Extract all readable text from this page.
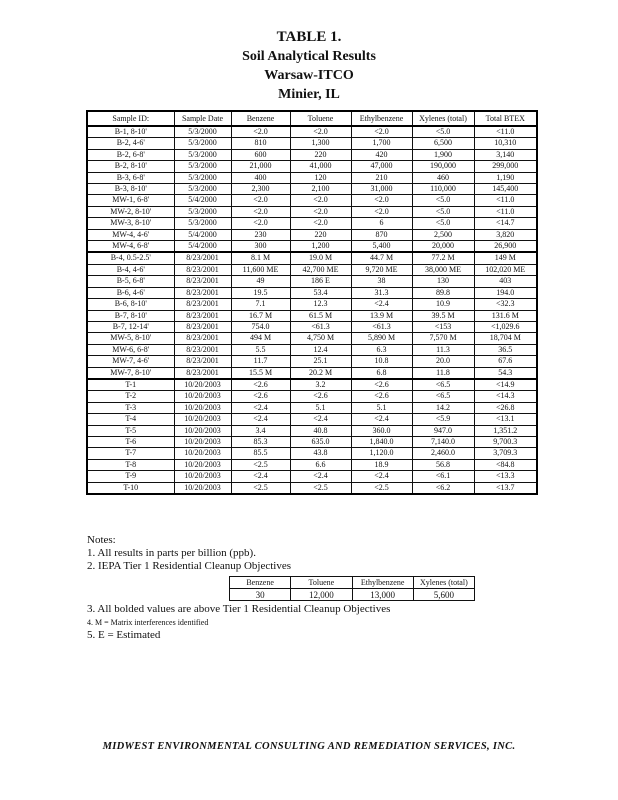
TABLE 1.
Soil Analytical Results
Warsaw-ITCO
Minier, IL
Sample ID:	Sample Date	Benzene	Toluene	Ethylbenzene	Xylenes (total)	Total BTEX
B-1, 8-10'	5/3/2000	<2.0	<2.0	<2.0	<5.0	<11.0
B-2, 4-6'	5/3/2000	810	1,300	1,700	6,500	10,310
B-2, 6-8'	5/3/2000	600	220	420	1,900	3,140
B-2, 8-10'	5/3/2000	21,000	41,000	47,000	190,000	299,000
B-3, 6-8'	5/3/2000	400	120	210	460	1,190
B-3, 8-10'	5/3/2000	2,300	2,100	31,000	110,000	145,400
MW-1, 6-8'	5/4/2000	<2.0	<2.0	<2.0	<5.0	<11.0
MW-2, 8-10'	5/3/2000	<2.0	<2.0	<2.0	<5.0	<11.0
MW-3, 8-10'	5/3/2000	<2.0	<2.0	6	<5.0	<14.7
MW-4, 4-6'	5/4/2000	230	220	870	2,500	3,820
MW-4, 6-8'	5/4/2000	300	1,200	5,400	20,000	26,900
B-4, 0.5-2.5'	8/23/2001	8.1 M	19.0 M	44.7 M	77.2 M	149 M
B-4, 4-6'	8/23/2001	11,600 ME	42,700 ME	9,720 ME	38,000 ME	102,020 ME
B-5, 6-8'	8/23/2001	49	186 E	38	130	403
B-6, 4-6'	8/23/2001	19.5	53.4	31.3	89.8	194.0
B-6, 8-10'	8/23/2001	7.1	12.3	<2.4	10.9	<32.3
B-7, 8-10'	8/23/2001	16.7 M	61.5 M	13.9 M	39.5 M	131.6 M
B-7, 12-14'	8/23/2001	754.0	<61.3	<61.3	<153	<1,029.6
MW-5, 8-10'	8/23/2001	494 M	4,750 M	5,890 M	7,570 M	18,704 M
MW-6, 6-8'	8/23/2001	5.5	12.4	6.3	11.3	36.5
MW-7, 4-6'	8/23/2001	11.7	25.1	10.8	20.0	67.6
MW-7, 8-10'	8/23/2001	15.5 M	20.2 M	6.8	11.8	54.3
T-1	10/20/2003	<2.6	3.2	<2.6	<6.5	<14.9
T-2	10/20/2003	<2.6	<2.6	<2.6	<6.5	<14.3
T-3	10/20/2003	<2.4	5.1	5.1	14.2	<26.8
T-4	10/20/2003	<2.4	<2.4	<2.4	<5.9	<13.1
T-5	10/20/2003	3.4	40.8	360.0	947.0	1,351.2
T-6	10/20/2003	85.3	635.0	1,840.0	7,140.0	9,700.3
T-7	10/20/2003	85.5	43.8	1,120.0	2,460.0	3,709.3
T-8	10/20/2003	<2.5	6.6	18.9	56.8	<84.8
T-9	10/20/2003	<2.4	<2.4	<2.4	<6.1	<13.3
T-10	10/20/2003	<2.5	<2.5	<2.5	<6.2	<13.7
Notes:
1. All results in parts per billion (ppb).
2. IEPA Tier 1 Residential Cleanup Objectives
Benzene	Toluene	Ethylbenzene	Xylenes (total)
30	12,000	13,000	5,600
3. All bolded values are above Tier 1 Residential Cleanup Objectives
4. M = Matrix interferences identified
5. E = Estimated
MIDWEST ENVIRONMENTAL CONSULTING AND REMEDIATION SERVICES, INC.
